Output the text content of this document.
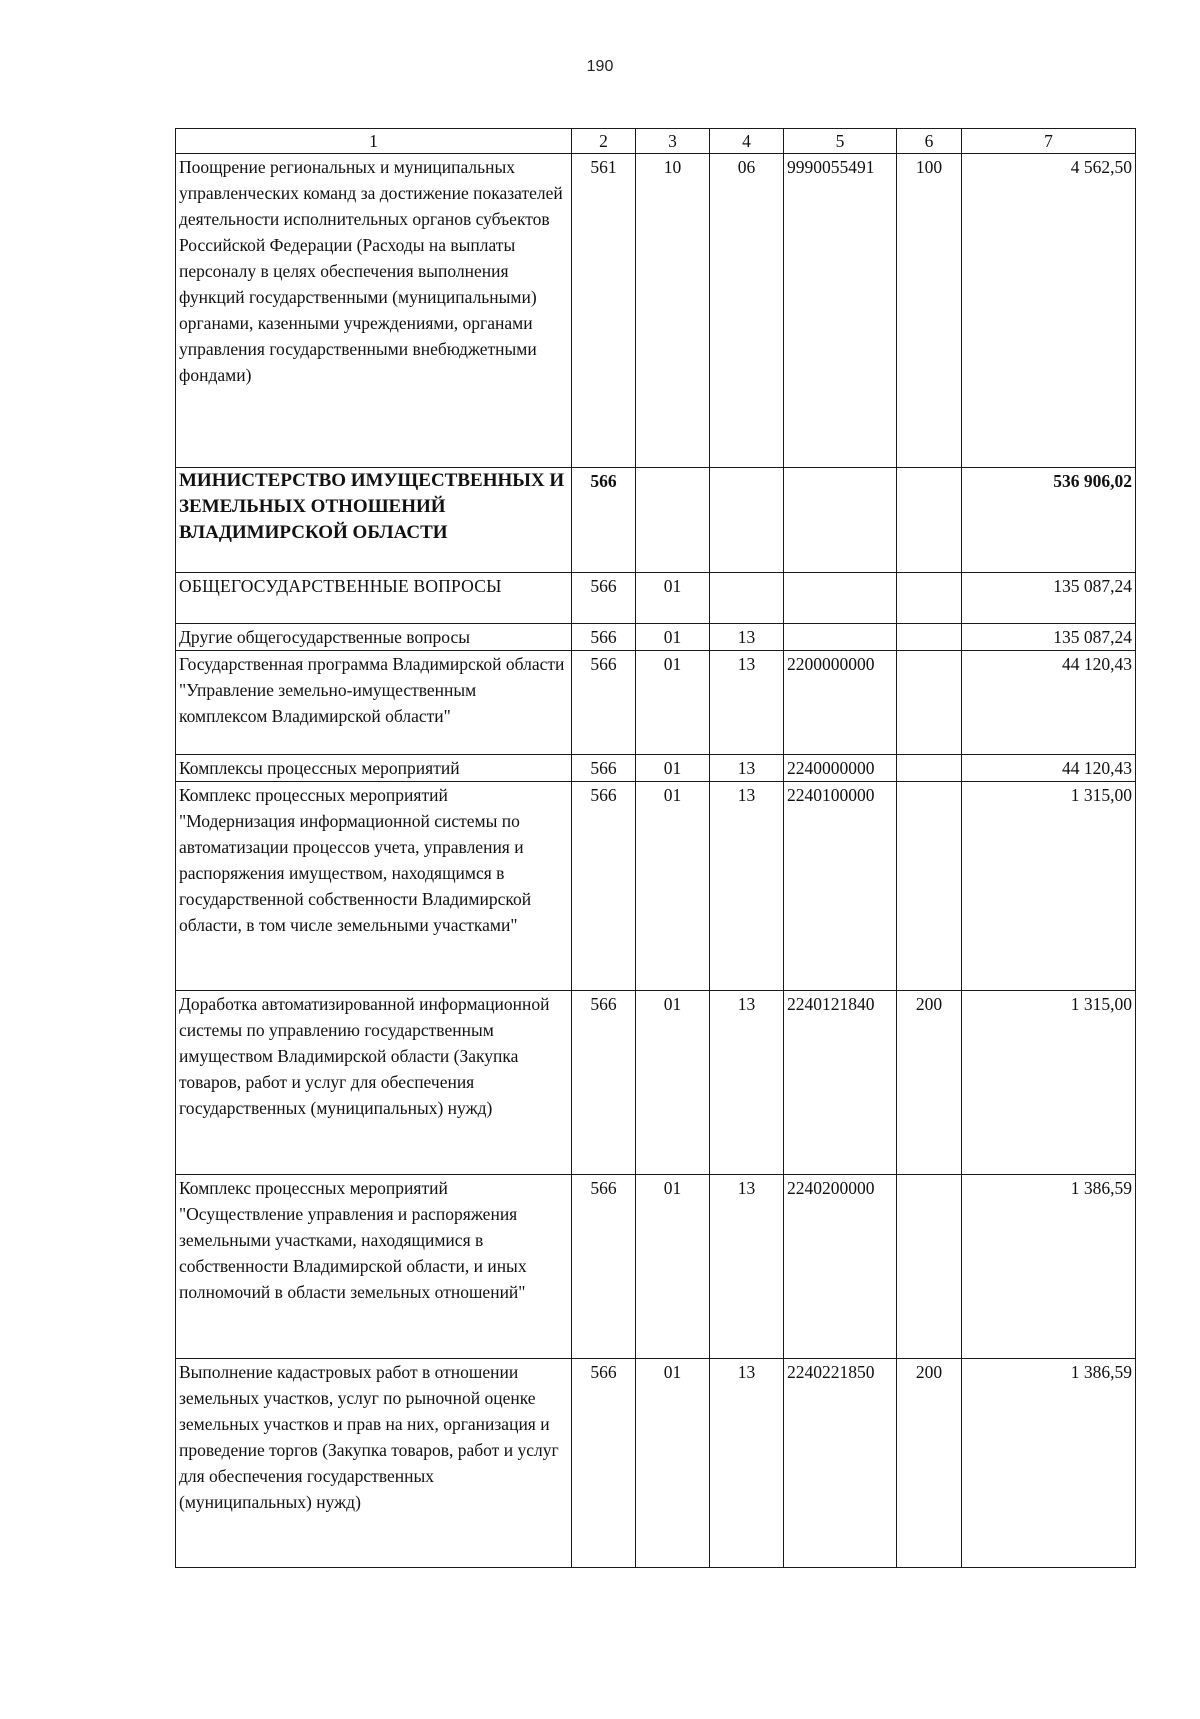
190
1	2	3	4	5	6	7
Поощрение региональных и муниципальных управленческих команд за достижение показателей деятельности исполнительных органов субъектов Российской Федерации (Расходы на выплаты персоналу в целях обеспечения выполнения функций государственными (муниципальными) органами, казенными учреждениями, органами управления государственными внебюджетными фондами)	561	10	06	9990055491	100	4 562,50
МИНИСТЕРСТВО ИМУЩЕСТВЕННЫХ И ЗЕМЕЛЬНЫХ ОТНОШЕНИЙ ВЛАДИМИРСКОЙ ОБЛАСТИ	566					536 906,02
ОБЩЕГОСУДАРСТВЕННЫЕ ВОПРОСЫ	566	01				135 087,24
Другие общегосударственные вопросы	566	01	13			135 087,24
Государственная программа Владимирской области "Управление земельно-имущественным комплексом Владимирской области"	566	01	13	2200000000		44 120,43
Комплексы процессных мероприятий	566	01	13	2240000000		44 120,43
Комплекс процессных мероприятий "Модернизация информационной системы по автоматизации процессов учета, управления и распоряжения имуществом, находящимся в государственной собственности Владимирской области, в том числе земельными участками"	566	01	13	2240100000		1 315,00
Доработка автоматизированной информационной системы по управлению государственным имуществом Владимирской области (Закупка товаров, работ и услуг для обеспечения государственных (муниципальных) нужд)	566	01	13	2240121840	200	1 315,00
Комплекс процессных мероприятий "Осуществление управления и распоряжения земельными участками, находящимися в собственности Владимирской области, и иных полномочий в области земельных отношений"	566	01	13	2240200000		1 386,59
Выполнение кадастровых работ в отношении земельных участков, услуг по рыночной оценке земельных участков и прав на них, организация и проведение торгов (Закупка товаров, работ и услуг для обеспечения государственных (муниципальных) нужд)	566	01	13	2240221850	200	1 386,59
